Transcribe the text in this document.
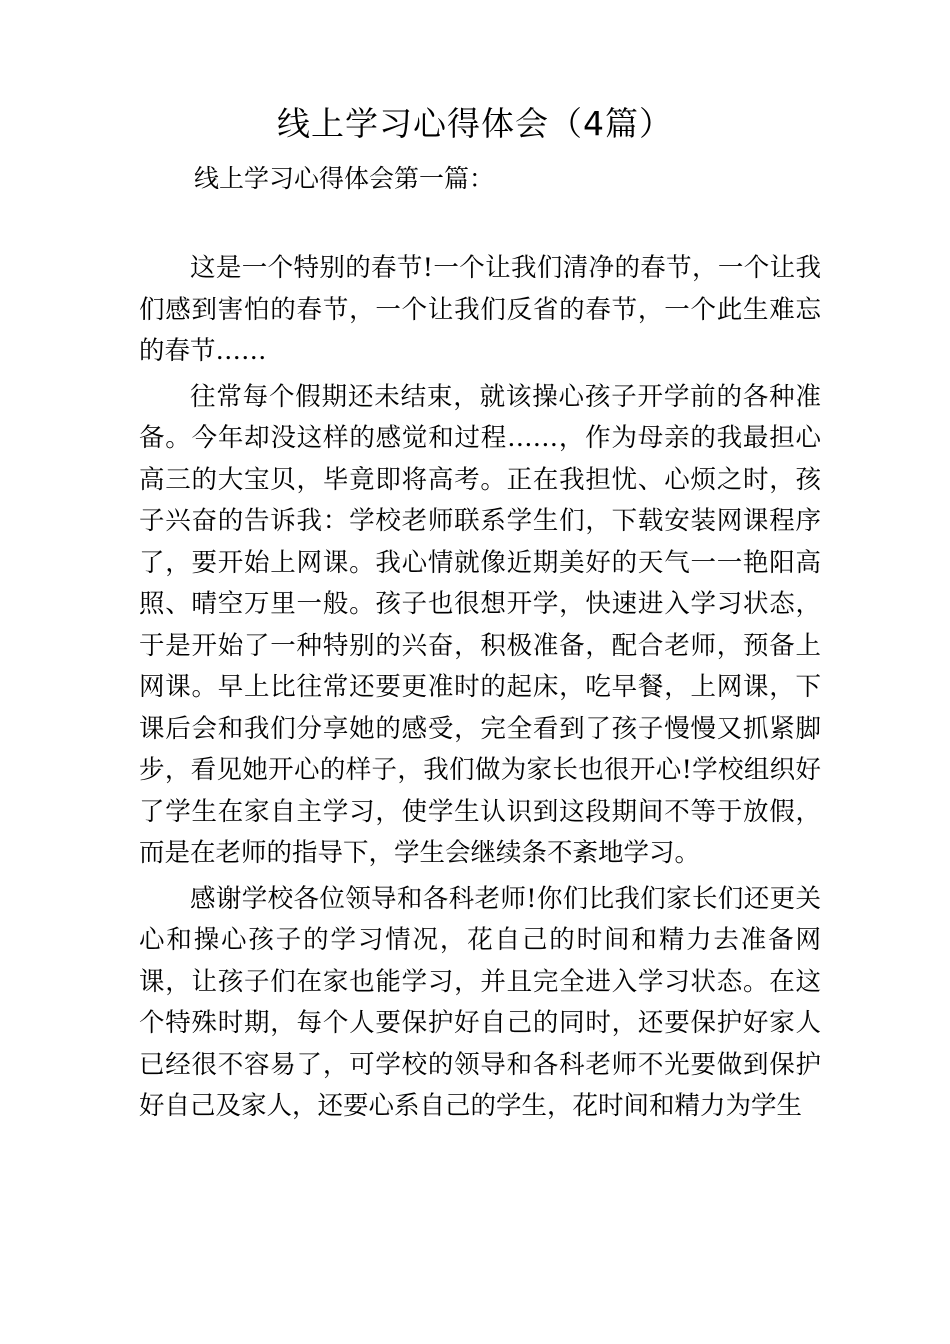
线上学习心得体会（4篇）
线上学习心得体会第一篇：

这是一个特别的春节!一个让我们清净的春节，一个让我们感到害怕的春节，一个让我们反省的春节，一个此生难忘的春节……

往常每个假期还未结束，就该操心孩子开学前的各种准备。今年却没这样的感觉和过程……，作为母亲的我最担心高三的大宝贝，毕竟即将高考。正在我担忧、心烦之时，孩子兴奋的告诉我：学校老师联系学生们，下载安装网课程序了，要开始上网课。我心情就像近期美好的天气一一艳阳高照、晴空万里一般。孩子也很想开学，快速进入学习状态，于是开始了一种特别的兴奋，积极准备，配合老师，预备上网课。早上比往常还要更准时的起床，吃早餐，上网课，下课后会和我们分享她的感受，完全看到了孩子慢慢又抓紧脚步，看见她开心的样子，我们做为家长也很开心!学校组织好了学生在家自主学习，使学生认识到这段期间不等于放假，而是在老师的指导下，学生会继续条不紊地学习。

感谢学校各位领导和各科老师!你们比我们家长们还更关心和操心孩子的学习情况，花自己的时间和精力去准备网课，让孩子们在家也能学习，并且完全进入学习状态。在这个特殊时期，每个人要保护好自己的同时，还要保护好家人已经很不容易了，可学校的领导和各科老师不光要做到保护好自己及家人，还要心系自己的学生，花时间和精力为学生
